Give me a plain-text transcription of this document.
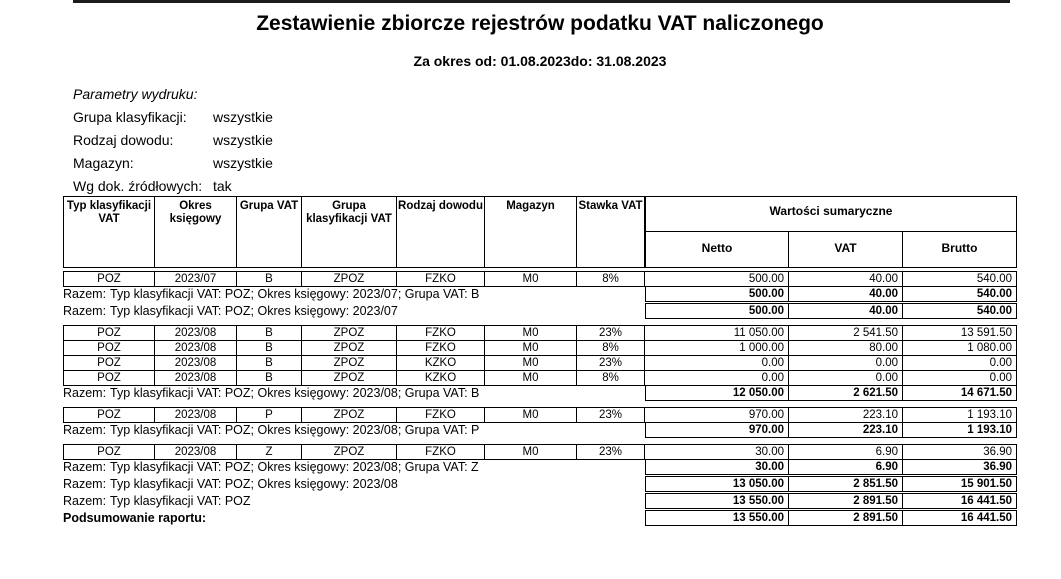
Zestawienie zbiorcze rejestrów podatku VAT naliczonego
Za okres od: 01.08.2023do: 31.08.2023
Parametry wydruku:
Grupa klasyfikacji:	wszystkie
Rodzaj dowodu:	wszystkie
Magazyn:	wszystkie
Wg dok. źródłowych: tak
Typ klasyfikacji VAT
Okres księgowy
Grupa VAT	Grupa klasyfikacji VAT
Rodzaj dowodu	Magazyn	Stawka VAT	Wartości sumaryczne
Netto	VAT	Brutto
POZ	2023/07	B	ZPOZ	FZKO	M0	8%	500.00	40.00	540.00
Razem: Typ klasyfikacji VAT: POZ; Okres księgowy: 2023/07; Grupa VAT: B	500.00	40.00	540.00
Razem: Typ klasyfikacji VAT: POZ; Okres księgowy: 2023/07	500.00	40.00	540.00
POZ	2023/08	B	ZPOZ	FZKO	M0	23%	11 050.00	2 541.50	13 591.50
POZ	2023/08	B	ZPOZ	FZKO	M0	8%	1 000.00	80.00	1 080.00
POZ	2023/08	B	ZPOZ	KZKO	M0	23%	0.00	0.00	0.00
POZ	2023/08	B	ZPOZ	KZKO	M0	8%	0.00	0.00	0.00
Razem: Typ klasyfikacji VAT: POZ; Okres księgowy: 2023/08; Grupa VAT: B	12 050.00	2 621.50	14 671.50
POZ	2023/08	P	ZPOZ	FZKO	M0	23%	970.00	223.10	1 193.10
Razem: Typ klasyfikacji VAT: POZ; Okres księgowy: 2023/08; Grupa VAT: P	970.00	223.10	1 193.10
POZ	2023/08	Z	ZPOZ	FZKO	M0	23%	30.00	6.90	36.90
Razem: Typ klasyfikacji VAT: POZ; Okres księgowy: 2023/08; Grupa VAT: Z	30.00	6.90	36.90
Razem: Typ klasyfikacji VAT: POZ; Okres księgowy: 2023/08	13 050.00	2 851.50	15 901.50
Razem: Typ klasyfikacji VAT: POZ	13 550.00	2 891.50	16 441.50
Podsumowanie raportu:	13 550.00	2 891.50	16 441.50
